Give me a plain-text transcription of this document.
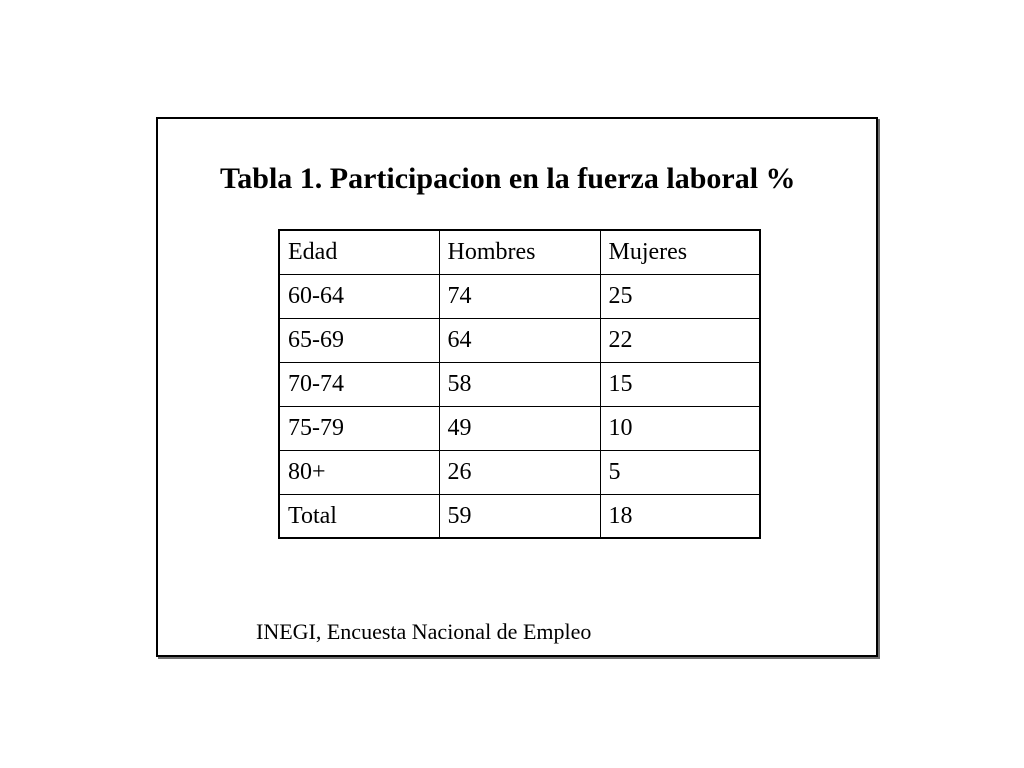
Tabla 1. Participacion en la fuerza laboral %
Edad	Hombres	Mujeres
60-64	74	25
65-69	64	22
70-74	58	15
75-79	49	10
80+	26	5
Total	59	18
INEGI, Encuesta Nacional de Empleo
